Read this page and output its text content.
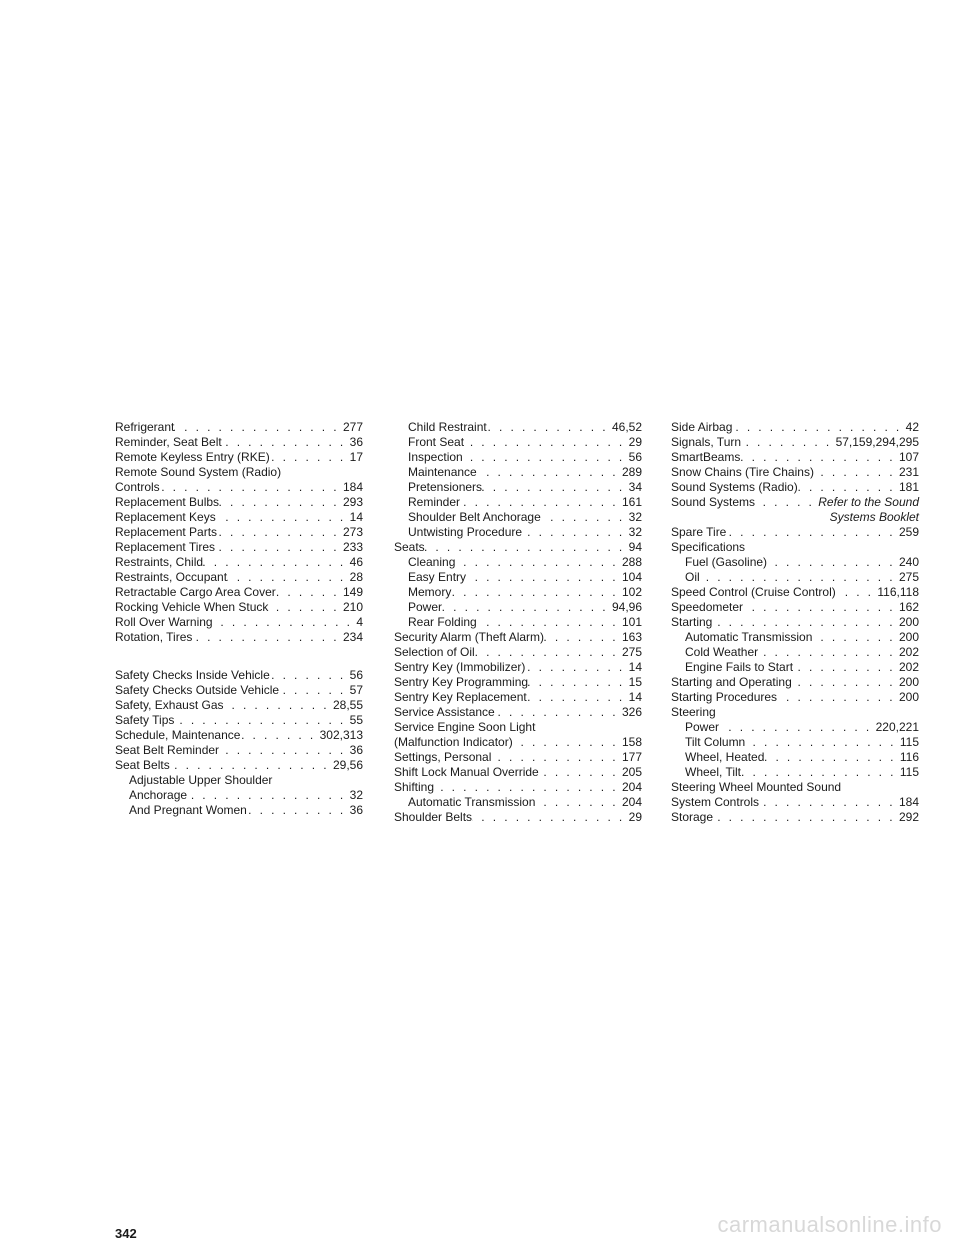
Refrigerant . . .	277
Reminder, Seat Belt . . .	36
Remote Keyless Entry (RKE) . . .	17
Remote Sound System (Radio)
Controls . . .	184
Replacement Bulbs . . .	293
Replacement Keys . . .	14
Replacement Parts . . .	273
Replacement Tires . . .	233
Restraints, Child . . .	46
Restraints, Occupant . . .	28
Retractable Cargo Area Cover . . .	149
Rocking Vehicle When Stuck . . .	210
Roll Over Warning . . .	4
Rotation, Tires . . .	234
Safety Checks Inside Vehicle . . .	56
Safety Checks Outside Vehicle . . .	57
Safety, Exhaust Gas . . .	28,55
Safety Tips . . .	55
Schedule, Maintenance . . .	302,313
Seat Belt Reminder . . .	36
Seat Belts . . .	29,56
Adjustable Upper Shoulder
Anchorage . . .	32
And Pregnant Women . . .	36
Child Restraint . . .	46,52
Front Seat . . .	29
Inspection . . .	56
Maintenance . . .	289
Pretensioners . . .	34
Reminder . . .	161
Shoulder Belt Anchorage . . .	32
Untwisting Procedure . . .	32
Seats . . .	94
Cleaning . . .	288
Easy Entry . . .	104
Memory . . .	102
Power . . .	94,96
Rear Folding . . .	101
Security Alarm (Theft Alarm) . . .	163
Selection of Oil . . .	275
Sentry Key (Immobilizer) . . .	14
Sentry Key Programming . . .	15
Sentry Key Replacement . . .	14
Service Assistance . . .	326
Service Engine Soon Light
(Malfunction Indicator) . . .	158
Settings, Personal . . .	177
Shift Lock Manual Override . . .	205
Shifting . . .	204
Automatic Transmission . . .	204
Shoulder Belts . . .	29
Side Airbag . . .	42
Signals, Turn . . .	57,159,294,295
SmartBeams . . .	107
Snow Chains (Tire Chains) . . .	231
Sound Systems (Radio) . . .	181
Sound Systems . . .	Refer to the Sound
Systems Booklet
Spare Tire . . .	259
Specifications
Fuel (Gasoline) . . .	240
Oil . . .	275
Speed Control (Cruise Control) . . .	116,118
Speedometer . . .	162
Starting . . .	200
Automatic Transmission . . .	200
Cold Weather . . .	202
Engine Fails to Start . . .	202
Starting and Operating . . .	200
Starting Procedures . . .	200
Steering
Power . . .	220,221
Tilt Column . . .	115
Wheel, Heated . . .	116
Wheel, Tilt . . .	115
Steering Wheel Mounted Sound
System Controls . . .	184
Storage . . .	292
342	carmanualsonline.info
